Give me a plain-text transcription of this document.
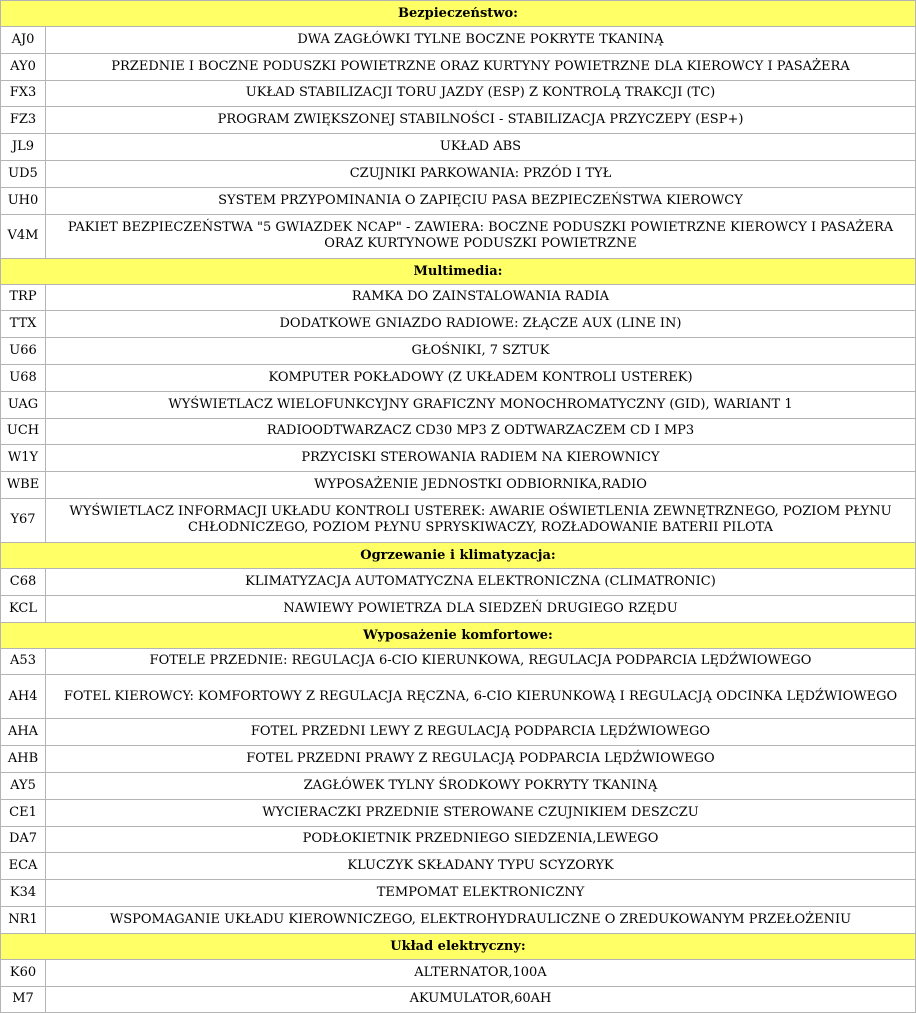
Bezpieczeństwo:	
AJ0	DWA ZAGŁÓWKI TYLNE BOCZNE POKRYTE TKANINĄ
AY0	PRZEDNIE I BOCZNE PODUSZKI POWIETRZNE ORAZ KURTYNY POWIETRZNE DLA KIEROWCY I PASAŻERA
FX3	UKŁAD STABILIZACJI TORU JAZDY (ESP) Z KONTROLĄ TRAKCJI (TC)
FZ3	PROGRAM ZWIĘKSZONEJ STABILNOŚCI - STABILIZACJA PRZYCZEPY (ESP+)
JL9	UKŁAD ABS
UD5	CZUJNIKI PARKOWANIA: PRZÓD I TYŁ
UH0	SYSTEM PRZYPOMINANIA O ZAPIĘCIU PASA BEZPIECZEŃSTWA KIEROWCY
V4M	PAKIET BEZPIECZEŃSTWA "5 GWIAZDEK NCAP" - ZAWIERA: BOCZNE PODUSZKI POWIETRZNE KIEROWCY I PASAŻERA ORAZ KURTYNOWE PODUSZKI POWIETRZNE
Multimedia:	
TRP	RAMKA DO ZAINSTALOWANIA RADIA
TTX	DODATKOWE GNIAZDO RADIOWE: ZŁĄCZE AUX (LINE IN)
U66	GŁOŚNIKI, 7 SZTUK
U68	KOMPUTER POKŁADOWY (Z UKŁADEM KONTROLI USTEREK)
UAG	WYŚWIETLACZ WIELOFUNKCYJNY GRAFICZNY MONOCHROMATYCZNY (GID), WARIANT 1
UCH	RADIOODTWARZACZ CD30 MP3 Z ODTWARZACZEM CD I MP3
W1Y	PRZYCISKI STEROWANIA RADIEM NA KIEROWNICY
WBE	WYPOSAŻENIE JEDNOSTKI ODBIORNIKA,RADIO
Y67	WYŚWIETLACZ INFORMACJI UKŁADU KONTROLI USTEREK: AWARIE OŚWIETLENIA ZEWNĘTRZNEGO, POZIOM PŁYNU CHŁODNICZEGO, POZIOM PŁYNU SPRYSKIWACZY, ROZŁADOWANIE BATERII PILOTA
Ogrzewanie i klimatyzacja:	
C68	KLIMATYZACJA AUTOMATYCZNA ELEKTRONICZNA (CLIMATRONIC)
KCL	NAWIEWY POWIETRZA DLA SIEDZEŃ DRUGIEGO RZĘDU
Wyposażenie komfortowe:	
A53	FOTELE PRZEDNIE: REGULACJA 6-CIO KIERUNKOWA, REGULACJA PODPARCIA LĘDŹWIOWEGO
AH4	FOTEL KIEROWCY: KOMFORTOWY Z REGULACJA RĘCZNA, 6-CIO KIERUNKOWĄ I REGULACJĄ ODCINKA LĘDŹWIOWEGO
AHA	FOTEL PRZEDNI LEWY Z REGULACJĄ PODPARCIA LĘDŹWIOWEGO
AHB	FOTEL PRZEDNI PRAWY Z REGULACJĄ PODPARCIA LĘDŹWIOWEGO
AY5	ZAGŁÓWEK TYLNY ŚRODKOWY POKRYTY TKANINĄ
CE1	WYCIERACZKI PRZEDNIE STEROWANE CZUJNIKIEM DESZCZU
DA7	PODŁOKIETNIK PRZEDNIEGO SIEDZENIA,LEWEGO
ECA	KLUCZYK SKŁADANY TYPU SCYZORYK
K34	TEMPOMAT ELEKTRONICZNY
NR1	WSPOMAGANIE UKŁADU KIEROWNICZEGO, ELEKTROHYDRAULICZNE O ZREDUKOWANYM PRZEŁOŻENIU
Układ elektryczny:	
K60	ALTERNATOR,100A
M7	AKUMULATOR,60AH
